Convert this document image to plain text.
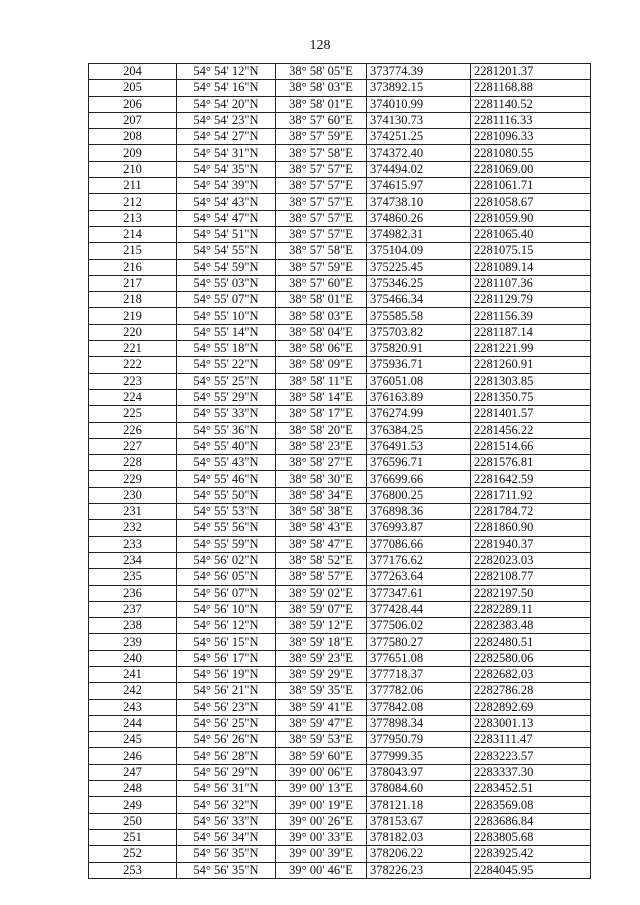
128
204	54° 54' 12"N	38° 58' 05"E	373774.39	2281201.37
205	54° 54' 16"N	38° 58' 03"E	373892.15	2281168.88
206	54° 54' 20"N	38° 58' 01"E	374010.99	2281140.52
207	54° 54' 23"N	38° 57' 60"E	374130.73	2281116.33
208	54° 54' 27"N	38° 57' 59"E	374251.25	2281096.33
209	54° 54' 31"N	38° 57' 58"E	374372.40	2281080.55
210	54° 54' 35"N	38° 57' 57"E	374494.02	2281069.00
211	54° 54' 39"N	38° 57' 57"E	374615.97	2281061.71
212	54° 54' 43"N	38° 57' 57"E	374738.10	2281058.67
213	54° 54' 47"N	38° 57' 57"E	374860.26	2281059.90
214	54° 54' 51"N	38° 57' 57"E	374982.31	2281065.40
215	54° 54' 55"N	38° 57' 58"E	375104.09	2281075.15
216	54° 54' 59"N	38° 57' 59"E	375225.45	2281089.14
217	54° 55' 03"N	38° 57' 60"E	375346.25	2281107.36
218	54° 55' 07"N	38° 58' 01"E	375466.34	2281129.79
219	54° 55' 10"N	38° 58' 03"E	375585.58	2281156.39
220	54° 55' 14"N	38° 58' 04"E	375703.82	2281187.14
221	54° 55' 18"N	38° 58' 06"E	375820.91	2281221.99
222	54° 55' 22"N	38° 58' 09"E	375936.71	2281260.91
223	54° 55' 25"N	38° 58' 11"E	376051.08	2281303.85
224	54° 55' 29"N	38° 58' 14"E	376163.89	2281350.75
225	54° 55' 33"N	38° 58' 17"E	376274.99	2281401.57
226	54° 55' 36"N	38° 58' 20"E	376384.25	2281456.22
227	54° 55' 40"N	38° 58' 23"E	376491.53	2281514.66
228	54° 55' 43"N	38° 58' 27"E	376596.71	2281576.81
229	54° 55' 46"N	38° 58' 30"E	376699.66	2281642.59
230	54° 55' 50"N	38° 58' 34"E	376800.25	2281711.92
231	54° 55' 53"N	38° 58' 38"E	376898.36	2281784.72
232	54° 55' 56"N	38° 58' 43"E	376993.87	2281860.90
233	54° 55' 59"N	38° 58' 47"E	377086.66	2281940.37
234	54° 56' 02"N	38° 58' 52"E	377176.62	2282023.03
235	54° 56' 05"N	38° 58' 57"E	377263.64	2282108.77
236	54° 56' 07"N	38° 59' 02"E	377347.61	2282197.50
237	54° 56' 10"N	38° 59' 07"E	377428.44	2282289.11
238	54° 56' 12"N	38° 59' 12"E	377506.02	2282383.48
239	54° 56' 15"N	38° 59' 18"E	377580.27	2282480.51
240	54° 56' 17"N	38° 59' 23"E	377651.08	2282580.06
241	54° 56' 19"N	38° 59' 29"E	377718.37	2282682.03
242	54° 56' 21"N	38° 59' 35"E	377782.06	2282786.28
243	54° 56' 23"N	38° 59' 41"E	377842.08	2282892.69
244	54° 56' 25"N	38° 59' 47"E	377898.34	2283001.13
245	54° 56' 26"N	38° 59' 53"E	377950.79	2283111.47
246	54° 56' 28"N	38° 59' 60"E	377999.35	2283223.57
247	54° 56' 29"N	39° 00' 06"E	378043.97	2283337.30
248	54° 56' 31"N	39° 00' 13"E	378084.60	2283452.51
249	54° 56' 32"N	39° 00' 19"E	378121.18	2283569.08
250	54° 56' 33"N	39° 00' 26"E	378153.67	2283686.84
251	54° 56' 34"N	39° 00' 33"E	378182.03	2283805.68
252	54° 56' 35"N	39° 00' 39"E	378206.22	2283925.42
253	54° 56' 35"N	39° 00' 46"E	378226.23	2284045.95
